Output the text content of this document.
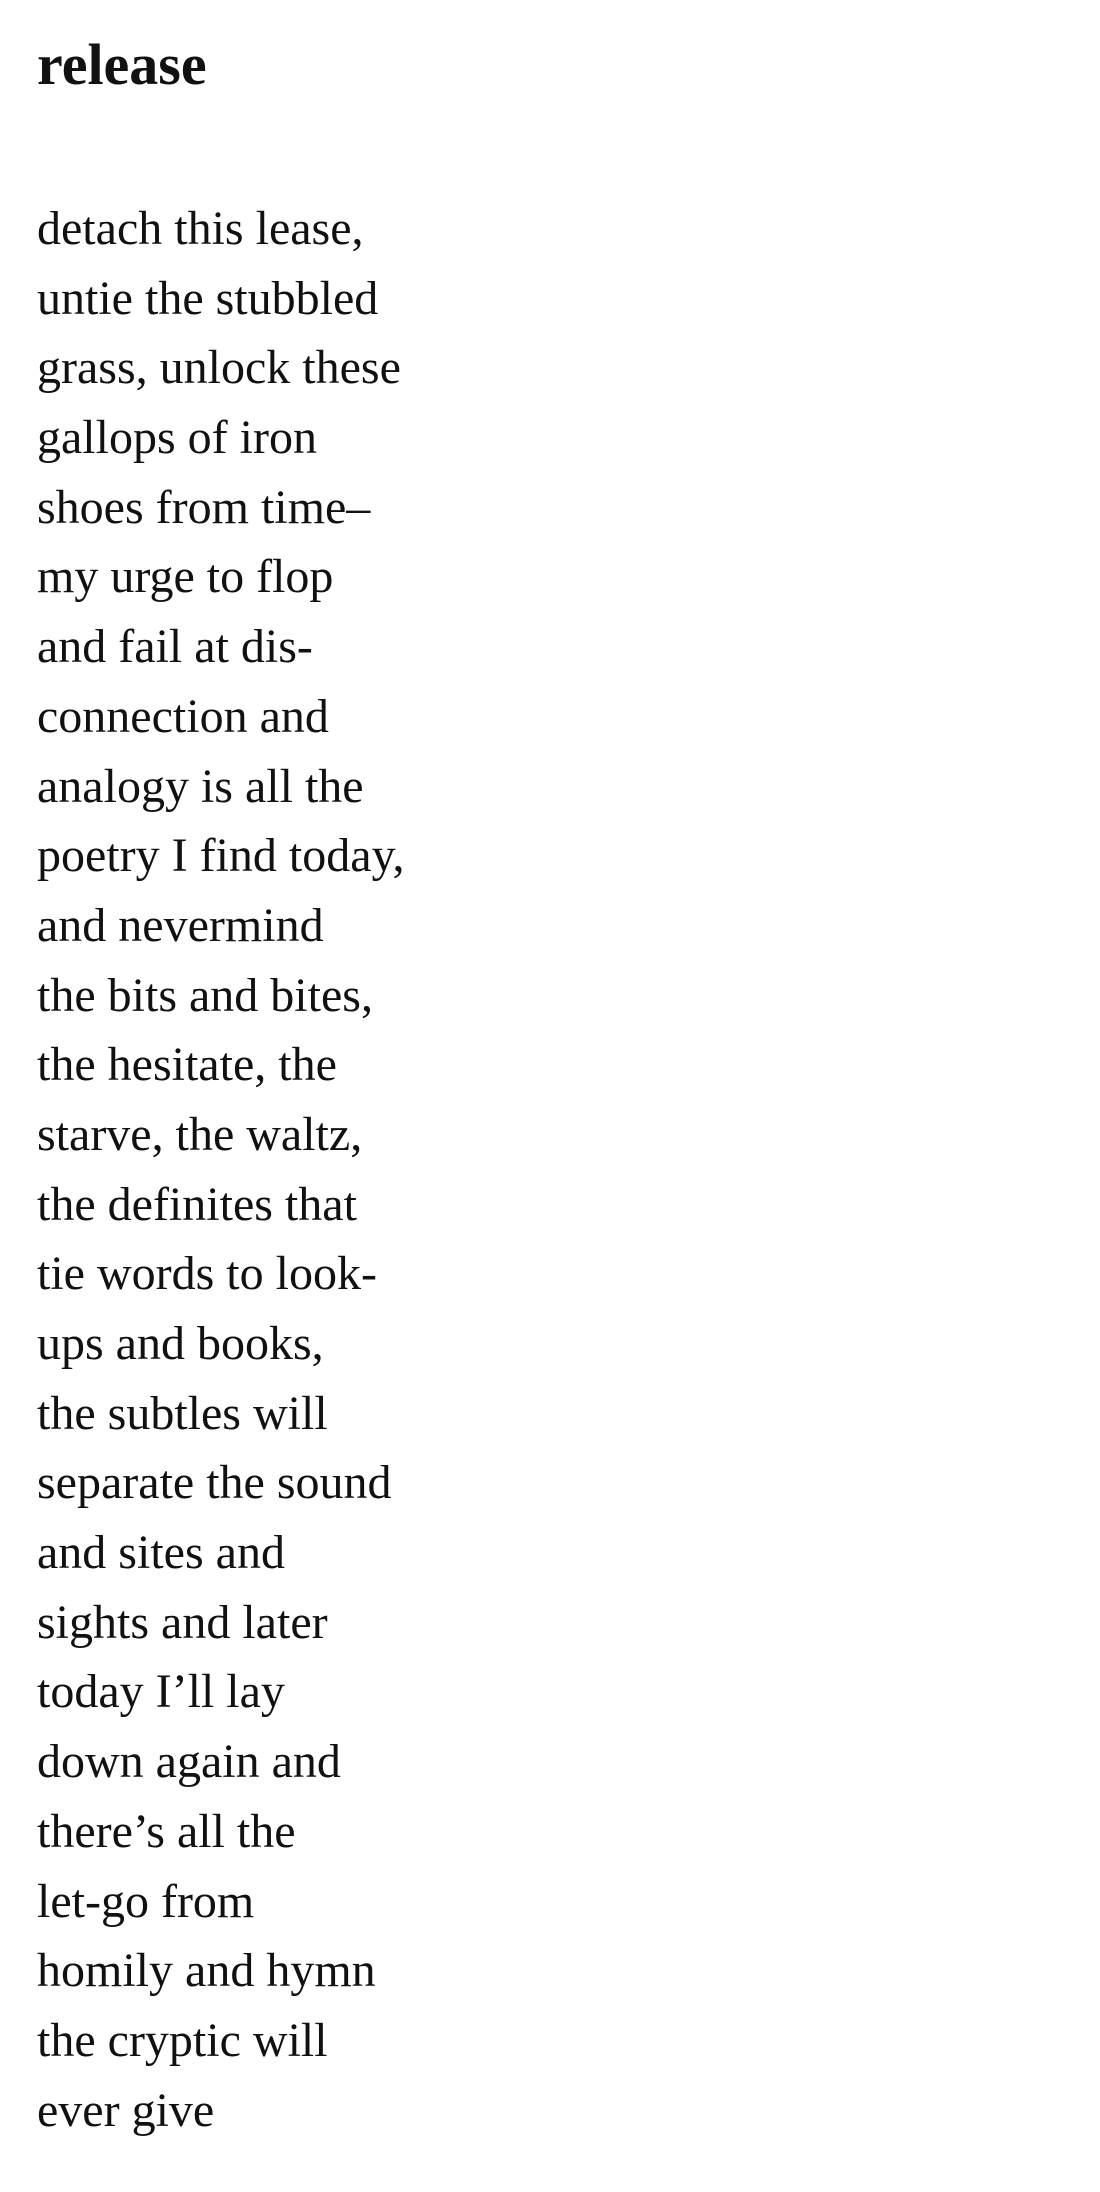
release
detach this lease,
untie the stubbled
grass, unlock these
gallops of iron
shoes from time–
my urge to flop
and fail at dis-
connection and
analogy is all the
poetry I find today,
and nevermind
the bits and bites,
the hesitate, the
starve, the waltz,
the definites that
tie words to look-
ups and books,
the subtles will
separate the sound
and sites and
sights and later
today I’ll lay
down again and
there’s all the
let-go from
homily and hymn
the cryptic will
ever give
